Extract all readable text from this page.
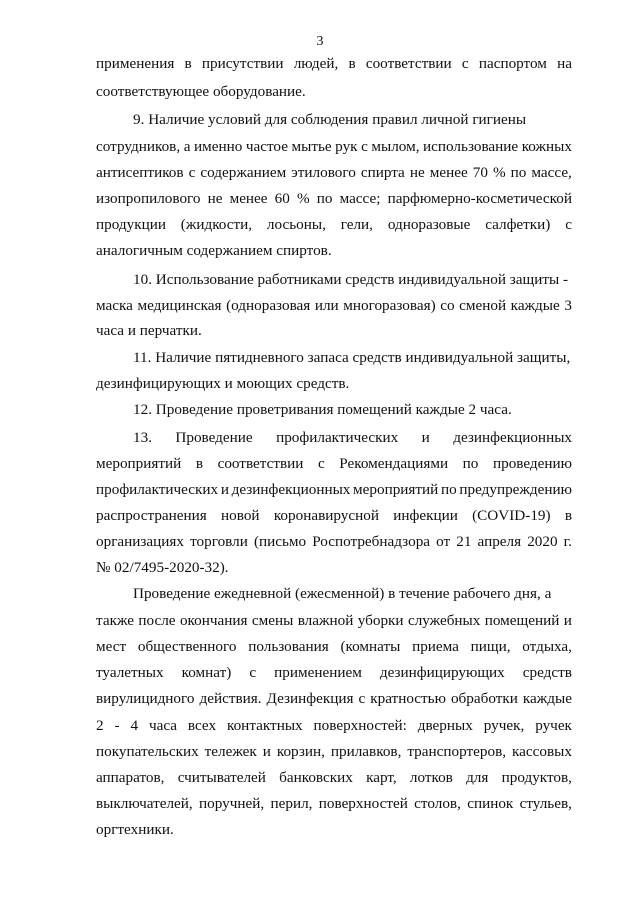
3
применения в присутствии людей, в соответствии с паспортом на
соответствующее оборудование.
9. Наличие условий для соблюдения правил личной гигиены
сотрудников, а именно частое мытье рук с мылом, использование кожных
антисептиков с содержанием этилового спирта не менее 70 % по массе,
изопропилового не менее 60 % по массе; парфюмерно-косметической
продукции (жидкости, лосьоны, гели, одноразовые салфетки) с
аналогичным содержанием спиртов.
10. Использование работниками средств индивидуальной защиты -
маска медицинская (одноразовая или многоразовая) со сменой каждые 3
часа и перчатки.
11. Наличие пятидневного запаса средств индивидуальной защиты,
дезинфицирующих и моющих средств.
12. Проведение проветривания помещений каждые 2 часа.
13. Проведение профилактических и дезинфекционных
мероприятий в соответствии с Рекомендациями по проведению
профилактических и дезинфекционных мероприятий по предупреждению
распространения новой коронавирусной инфекции (COVID-19) в
организациях торговли (письмо Роспотребнадзора от 21 апреля 2020 г.
№ 02/7495-2020-32).
Проведение ежедневной (ежесменной) в течение рабочего дня, а
также после окончания смены влажной уборки служебных помещений и
мест общественного пользования (комнаты приема пищи, отдыха,
туалетных комнат) с применением дезинфицирующих средств
вирулицидного действия. Дезинфекция с кратностью обработки каждые
2 - 4 часа всех контактных поверхностей: дверных ручек, ручек
покупательских тележек и корзин, прилавков, транспортеров, кассовых
аппаратов, считывателей банковских карт, лотков для продуктов,
выключателей, поручней, перил, поверхностей столов, спинок стульев,
оргтехники.
